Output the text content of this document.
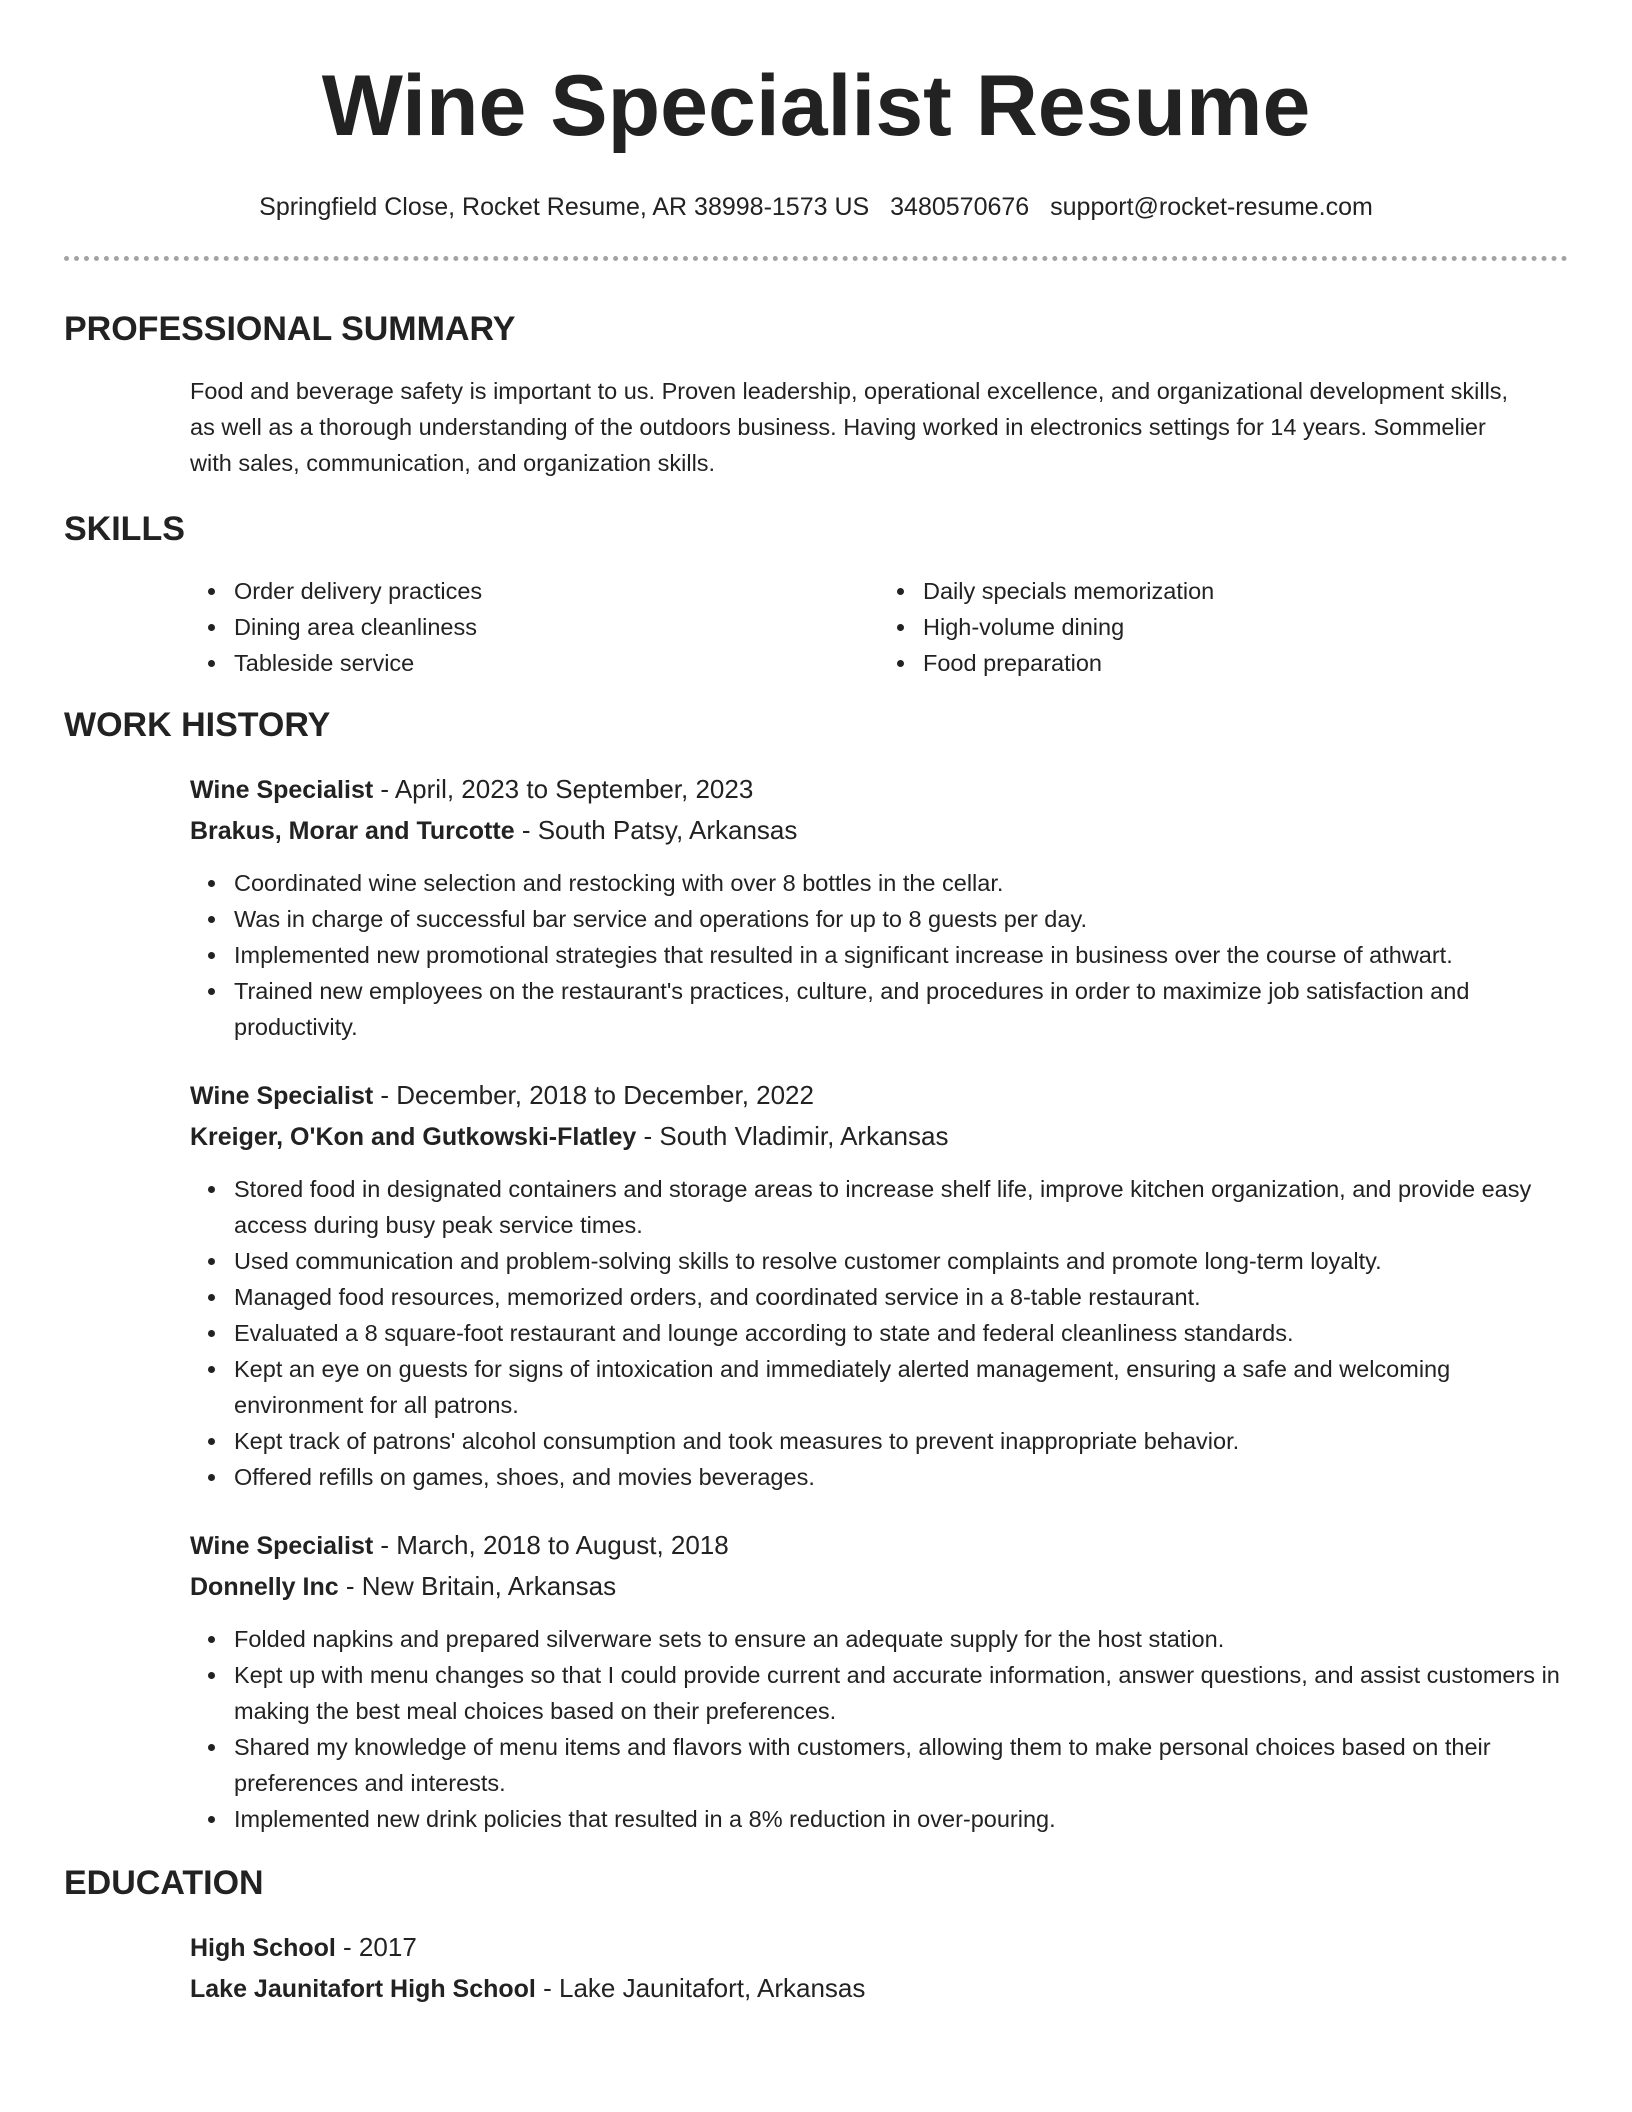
Wine Specialist Resume
Springfield Close, Rocket Resume, AR 38998-1573 US 3480570676 support@rocket-resume.com
PROFESSIONAL SUMMARY
Food and beverage safety is important to us. Proven leadership, operational excellence, and organizational development skills, as well as a thorough understanding of the outdoors business. Having worked in electronics settings for 14 years. Sommelier with sales, communication, and organization skills.
SKILLS
Order delivery practices
Dining area cleanliness
Tableside service
Daily specials memorization
High-volume dining
Food preparation
WORK HISTORY
Wine Specialist - April, 2023 to September, 2023
Brakus, Morar and Turcotte - South Patsy, Arkansas
Coordinated wine selection and restocking with over 8 bottles in the cellar.
Was in charge of successful bar service and operations for up to 8 guests per day.
Implemented new promotional strategies that resulted in a significant increase in business over the course of athwart.
Trained new employees on the restaurant's practices, culture, and procedures in order to maximize job satisfaction and productivity.
Wine Specialist - December, 2018 to December, 2022
Kreiger, O'Kon and Gutkowski-Flatley - South Vladimir, Arkansas
Stored food in designated containers and storage areas to increase shelf life, improve kitchen organization, and provide easy access during busy peak service times.
Used communication and problem-solving skills to resolve customer complaints and promote long-term loyalty.
Managed food resources, memorized orders, and coordinated service in a 8-table restaurant.
Evaluated a 8 square-foot restaurant and lounge according to state and federal cleanliness standards.
Kept an eye on guests for signs of intoxication and immediately alerted management, ensuring a safe and welcoming environment for all patrons.
Kept track of patrons' alcohol consumption and took measures to prevent inappropriate behavior.
Offered refills on games, shoes, and movies beverages.
Wine Specialist - March, 2018 to August, 2018
Donnelly Inc - New Britain, Arkansas
Folded napkins and prepared silverware sets to ensure an adequate supply for the host station.
Kept up with menu changes so that I could provide current and accurate information, answer questions, and assist customers in making the best meal choices based on their preferences.
Shared my knowledge of menu items and flavors with customers, allowing them to make personal choices based on their preferences and interests.
Implemented new drink policies that resulted in a 8% reduction in over-pouring.
EDUCATION
High School - 2017
Lake Jaunitafort High School - Lake Jaunitafort, Arkansas
